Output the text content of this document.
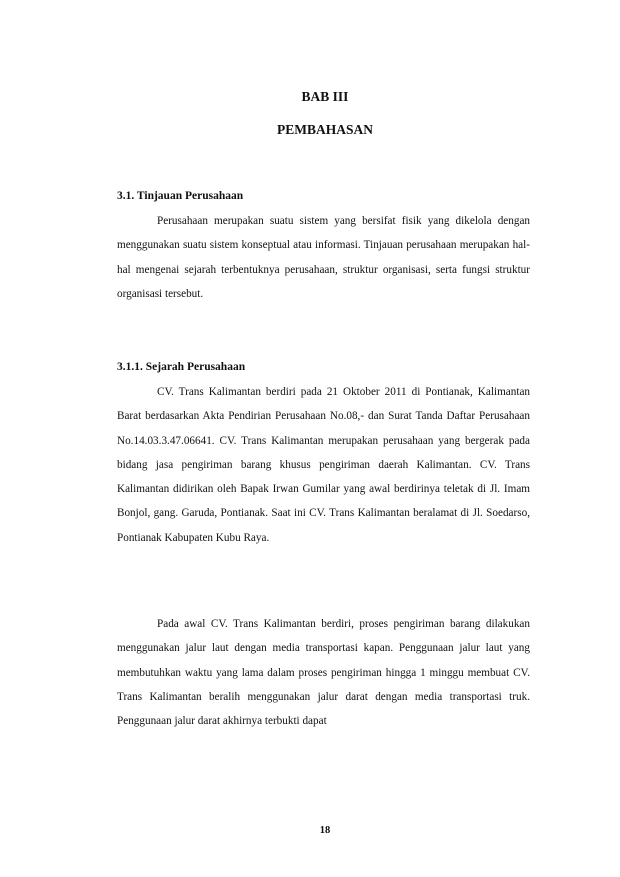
BAB III
PEMBAHASAN
3.1. Tinjauan Perusahaan

Perusahaan merupakan suatu sistem yang bersifat fisik yang dikelola dengan menggunakan suatu sistem konseptual atau informasi. Tinjauan perusahaan merupakan hal-hal mengenai sejarah terbentuknya perusahaan, struktur organisasi, serta fungsi struktur organisasi tersebut.

3.1.1. Sejarah Perusahaan

CV. Trans Kalimantan berdiri pada 21 Oktober 2011 di Pontianak, Kalimantan Barat berdasarkan Akta Pendirian Perusahaan No.08,- dan Surat Tanda Daftar Perusahaan No.14.03.3.47.06641. CV. Trans Kalimantan merupakan perusahaan yang bergerak pada bidang jasa pengiriman barang khusus pengiriman daerah Kalimantan. CV. Trans Kalimantan didirikan oleh Bapak Irwan Gumilar yang awal berdirinya teletak di Jl. Imam Bonjol, gang. Garuda, Pontianak. Saat ini CV. Trans Kalimantan beralamat di Jl. Soedarso, Pontianak Kabupaten Kubu Raya.

Pada awal CV. Trans Kalimantan berdiri, proses pengiriman barang dilakukan menggunakan jalur laut dengan media transportasi kapan. Penggunaan jalur laut yang membutuhkan waktu yang lama dalam proses pengiriman hingga 1 minggu membuat CV. Trans Kalimantan beralih menggunakan jalur darat dengan media transportasi truk. Penggunaan jalur darat akhirnya terbukti dapat

18
